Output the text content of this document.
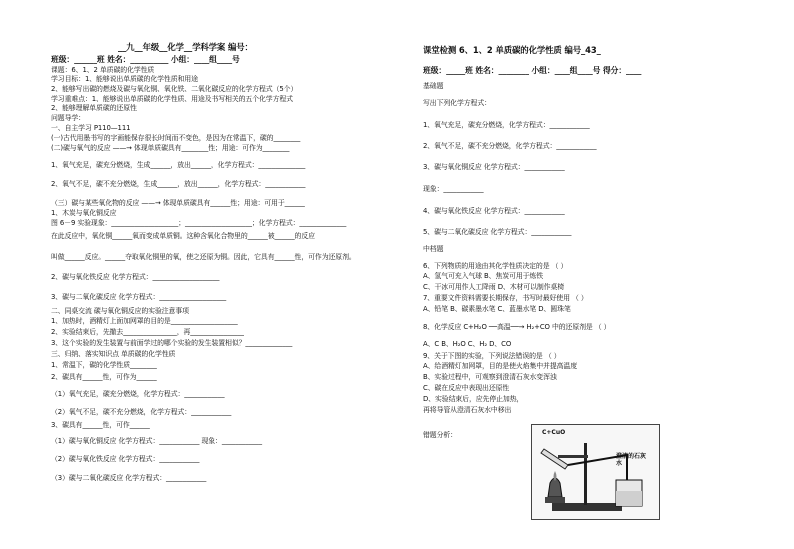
__九__年级__化学__学科学案 编号：
班级：______班 姓名：__________ 小组：____组____号
课题：6、1、2 单质碳的化学性质
学习目标：1、能够说出单质碳的化学性质和用途
2、能够写出碳的燃烧及碳与氧化铜、氧化铁、二氧化碳反应的化学方程式（5个）
学习重难点：1、能够说出单质碳的化学性质、用途及书写相关的五个化学方程式
2、能够理解单质碳的还原性
问题导学：
一、自主学习 P110—111
(一)古代用墨书写的字画能保存很长时间而不变色，是因为在常温下，碳的________
(二)碳与氧气的反应 ——→ 体现单质碳具有________性；用途：可作为________
1、氧气充足，碳充分燃烧，生成______，放出______，化学方程式：______________
2、氧气不足，碳不充分燃烧，生成______，放出______，化学方程式：____________
（三）碳与某些氧化物的反应 ——→ 体现单质碳具有______性；用途：可用于______
1、木炭与氧化铜反应
图 6－9 实验现象：____________________；____________________；化学方程式：______________
在此反应中，氧化铜______氧而变成单质铜。这种含氧化合物里的______被______的反应
叫做______反应。______夺取氧化铜里的氧，使之还原为铜。因此，它具有______性，可作为还原剂。
2、碳与氧化铁反应 化学方程式：____________________
3、碳与二氧化碳反应 化学方程式：____________________
二、同桌交流 碳与氧化铜反应的实验注意事项
1、加热时，酒精灯上面加网罩的目的是____________________
2、实验结束后，先撤去________________，再________________
3、这个实验的发生装置与前面学过的哪个实验的发生装置相似？______________
三、归纳、落实知识点 单质碳的化学性质
1、常温下，碳的化学性质________
2、碳具有______性，可作为______
（1）氧气充足，碳充分燃烧，化学方程式：____________
（2）氧气不足，碳不充分燃烧，化学方程式：____________
3、碳具有______性，可作______
（1）碳与氧化铜反应 化学方程式：____________ 现象：____________
（2）碳与氧化铁反应 化学方程式：____________
（3）碳与二氧化碳反应 化学方程式：____________
课堂检测 6、1、2 单质碳的化学性质 编号_43_
班级：_____班 姓名：________ 小组：____组____号 得分：____
基础题
写出下列化学方程式：
1、氧气充足，碳充分燃烧，化学方程式：____________
2、氧气不足，碳不充分燃烧，化学方程式：____________
3、碳与氧化铜反应 化学方程式：____________
现象：____________
4、碳与氧化铁反应 化学方程式：____________
5、碳与二氧化碳反应 化学方程式：____________
中档题
6、下列物质的用途由其化学性质决定的是 （ ）
A、氢气可充入气球 B、焦炭可用于炼铁
C、干冰可用作人工降雨 D、木材可以制作桌椅
7、重要文件资料需要长期保存，书写时最好使用 （ ）
A、铅笔 B、碳素墨水笔 C、蓝墨水笔 D、圆珠笔
8、化学反应 C+H₂O ──高温──→ H₂+CO 中的还原剂是 （ ）
A、C B、H₂O C、H₂ D、CO
9、关于下图的实验，下列说法错误的是 （ ）
A、给酒精灯加网罩，目的是使火焰集中并提高温度
B、实验过程中，可观察到澄清石灰水变浑浊
C、碳在反应中表现出还原性
D、实验结束后，应先停止加热，
再将导管从澄清石灰水中移出
错题分析：	C+CuO
澄清的石灰水
